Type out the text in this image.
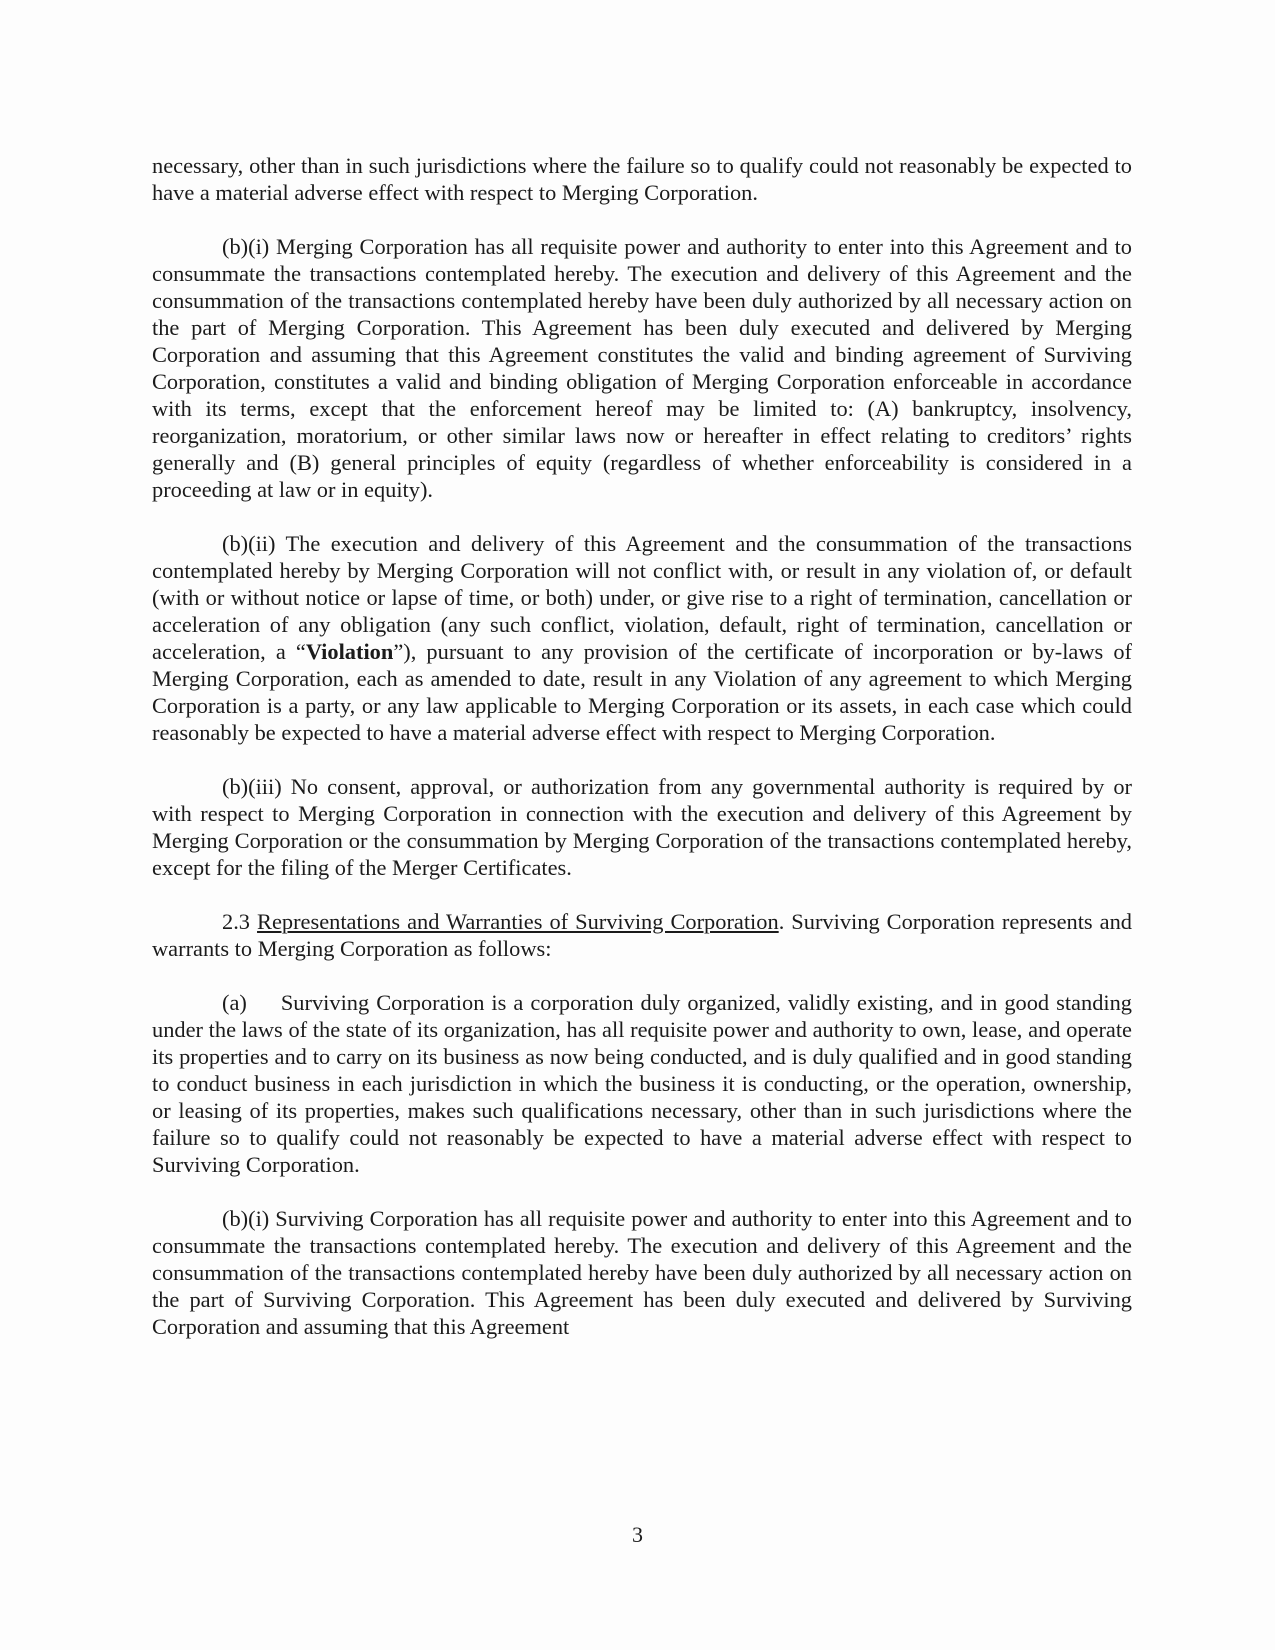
necessary, other than in such jurisdictions where the failure so to qualify could not reasonably be expected to have a material adverse effect with respect to Merging Corporation.

(b)(i) Merging Corporation has all requisite power and authority to enter into this Agreement and to consummate the transactions contemplated hereby. The execution and delivery of this Agreement and the consummation of the transactions contemplated hereby have been duly authorized by all necessary action on the part of Merging Corporation. This Agreement has been duly executed and delivered by Merging Corporation and assuming that this Agreement constitutes the valid and binding agreement of Surviving Corporation, constitutes a valid and binding obligation of Merging Corporation enforceable in accordance with its terms, except that the enforcement hereof may be limited to: (A) bankruptcy, insolvency, reorganization, moratorium, or other similar laws now or hereafter in effect relating to creditors’ rights generally and (B) general principles of equity (regardless of whether enforceability is considered in a proceeding at law or in equity).

(b)(ii) The execution and delivery of this Agreement and the consummation of the transactions contemplated hereby by Merging Corporation will not conflict with, or result in any violation of, or default (with or without notice or lapse of time, or both) under, or give rise to a right of termination, cancellation or acceleration of any obligation (any such conflict, violation, default, right of termination, cancellation or acceleration, a “Violation”), pursuant to any provision of the certificate of incorporation or by-laws of Merging Corporation, each as amended to date, result in any Violation of any agreement to which Merging Corporation is a party, or any law applicable to Merging Corporation or its assets, in each case which could reasonably be expected to have a material adverse effect with respect to Merging Corporation.

(b)(iii) No consent, approval, or authorization from any governmental authority is required by or with respect to Merging Corporation in connection with the execution and delivery of this Agreement by Merging Corporation or the consummation by Merging Corporation of the transactions contemplated hereby, except for the filing of the Merger Certificates.

2.3 Representations and Warranties of Surviving Corporation. Surviving Corporation represents and warrants to Merging Corporation as follows:

(a) Surviving Corporation is a corporation duly organized, validly existing, and in good standing under the laws of the state of its organization, has all requisite power and authority to own, lease, and operate its properties and to carry on its business as now being conducted, and is duly qualified and in good standing to conduct business in each jurisdiction in which the business it is conducting, or the operation, ownership, or leasing of its properties, makes such qualifications necessary, other than in such jurisdictions where the failure so to qualify could not reasonably be expected to have a material adverse effect with respect to Surviving Corporation.

(b)(i) Surviving Corporation has all requisite power and authority to enter into this Agreement and to consummate the transactions contemplated hereby. The execution and delivery of this Agreement and the consummation of the transactions contemplated hereby have been duly authorized by all necessary action on the part of Surviving Corporation. This Agreement has been duly executed and delivered by Surviving Corporation and assuming that this Agreement

3
